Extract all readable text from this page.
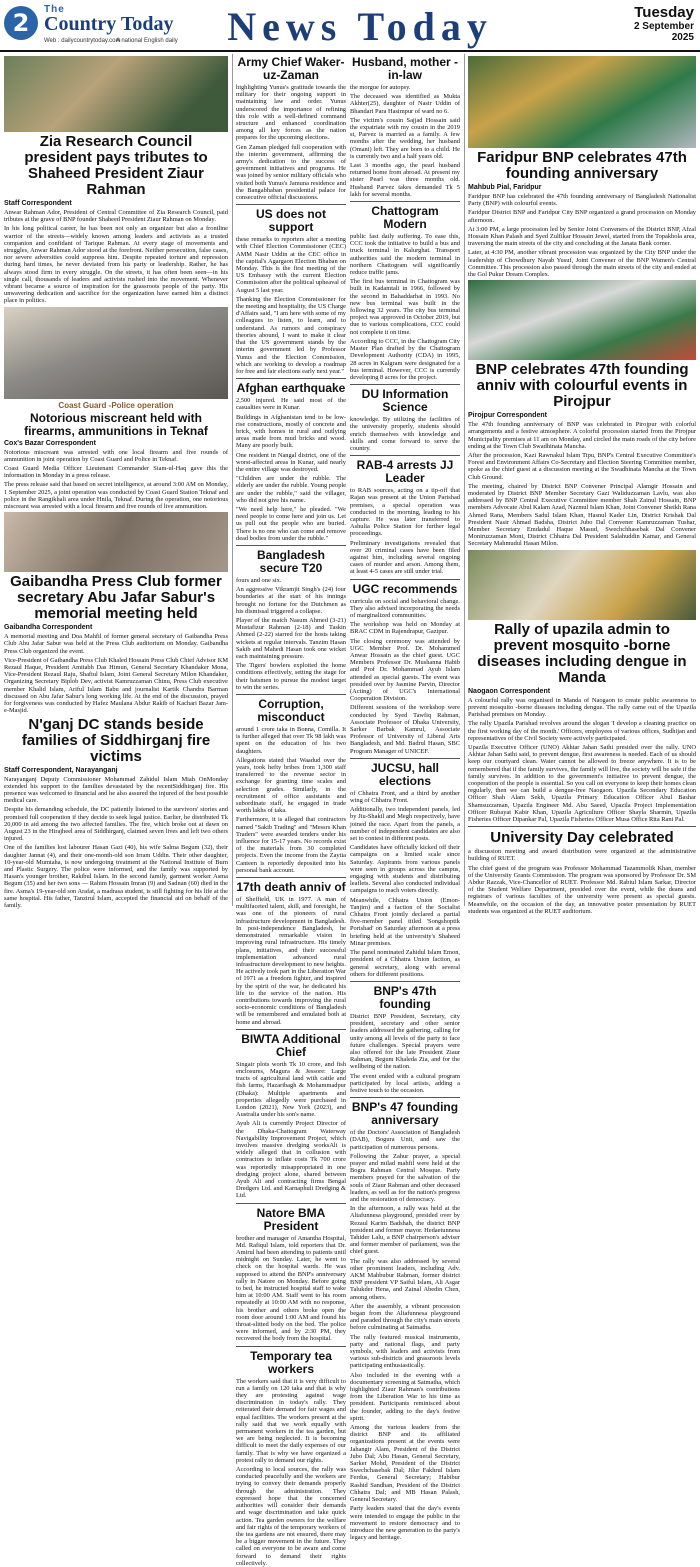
2	The
Country Today
Web : dailycountrytoday.com
A national English daily	News Today	Tuesday
2 September
2025
Zia Research Council president pays tributes to Shaheed President Ziaur Rahman
Staff Correspondent

Anwar Rahman Ador, President of Central Committee of Zia Research Council, paid tributes at the grave of BNP founder Shaheed President Ziaur Rahman on Monday.

In his long political career, he has been not only an organizer but also a frontline warrior of the streets—widely known among leaders and activists as a trusted companion and confidant of Tarique Rahman. At every stage of movements and struggles, Anwar Rahman Ador stood at the forefront. Neither persecution, false cases, nor severe adversities could suppress him. Despite repeated torture and repression during hard times, he never deviated from his party or leadership. Rather, he has always stood firm in every struggle. On the streets, it has often been seen—in his single call, thousands of leaders and activists rushed into the movement. Whenever vibrant became a source of inspiration for the grassroots people of the party. His unwavering dedication and sacrifice for the organization have earned him a distinct place in politics.

Coast Guard -Police operation
Notorious miscreant held with firearms, ammunitions in Teknaf
Cox's Bazar Correspondent

Notorious miscreant was arrested with one local firearm and five rounds of ammunition in joint operation by Coast Guard and Police in Teknaf.

Coast Guard Media Officer Lieutenant Commander Siam-ul-Haq gave this the information in Monday in a press release.

The press release said that based on secret intelligence, at around 3:00 AM on Monday, 1 September 2025, a joint operation was conducted by Coast Guard Station Teknaf and police in the Rangikhali area under Hnila, Teknaf. During the operation, one notorious miscreant was arrested with a local firearm and five rounds of live ammunition.

Gaibandha Press Club former secretary Abu Jafar Sabur's memorial meeting held
Gaibandha Correspondent

A memorial meeting and Doa Mahfil of former general secretary of Gaibandha Press Club Abu Jafar Sabur was held at the Press Club auditorium on Monday. Gaibandha Press Club organized the event.

Vice-President of Gaibandha Press Club Khaled Hossain Press Club Chief Advisor KM Rezaul Haque, President Amitabh Das Himun, General Secretary Khandaker Mona, Vice-President Rezaul Raju, Shafiul Islam, Joint General Secretary Milon Khandaker, Organizing Secretary Biplob Dev, activist Kamruzzaman Chinu, Press Club executive member Khalid Islam, Ariful Islam Babu and journalist Kartik Chandra Barman discussed on Abu Jafar Sabur's long working life. At the end of the discussion, prayed for forgiveness was conducted by Hafez Maulana Abdur Rakib of Kachari Bazar Jam-e-Masjid.

N'ganj DC stands beside families of Siddhirganj fire victims
Staff Correspondent, Narayanganj

Narayanganj Deputy Commissioner Mohammad Zahidul Islam Miah OnMonday extended his support to the families devastated by the recentSiddhirganj fire. His presence was welcomed to financial and he also assured the injured of the best possible medical care.

Despite his demanding schedule, the DC patiently listened to the survivors' stories and promised full cooperation if they decide to seek legal justice. Earlier, he distributed Tk 20,000 in aid among the two affected families. The fire, which broke out at dawn on August 23 in the Hirajheel area of Siddhirganj, claimed seven lives and left two others injured.

One of the families lost labourer Hasan Gazi (40), his wife Salma Begum (32), their daughter Jannat (4), and their one-month-old son Irram Uddin. Their other daughter, 10-year-old Mumtaha, is now undergoing treatment at the National Institute of Burn and Plastic Surgery. The police were informed, and the family was supported by Hasan's younger brother, Rakibul Islam. In the second family, garment worker Asma Begum (35) and her two sons — Rahim Hossain Imran (9) and Sadnan (60) died in the fire. Asma's 19-year-old son Arafat, a madrasa student, is still fighting for his life at the same hospital. His father, Tanzirul Islam, accepted the financial aid on behalf of the family.

Army Chief Waker-uz-Zaman

highlighting Yunus's gratitude towards the military for their ongoing support in maintaining law and order. Yunus underscored the importance of refining this role with a well-defined command structure and enhanced coordination among all key forces as the nation prepares for the upcoming elections.

Gen Zaman pledged full cooperation with the interim government, affirming the army's dedication to the success of government initiatives and programs. He was joined by senior military officials who visited both Yunus's Jamuna residence and the Bangabhaban presidential palace for consecutive official discussions.

US does not support

these remarks to reporters after a meeting with Chief Election Commissioner (CEC) AMM Nasir Uddin at the CEC office in the capital's Agargaon Election Bhaban on Monday. This is the first meeting of the US Embassy with the current Election Commission after the political upheaval of August 5 last year.

Thanking the Election Commissioner for the meeting and hospitality, the US Charge d'Affairs said, "I am here with some of my colleagues to listen, to learn, and to understand. As rumors and conspiracy theories abound, I want to make it clear that the US government stands by the interim government led by Professor Yunus and the Election Commission, which are working to develop a roadmap for free and fair elections early next year."

Afghan earthquake

2,500 injured. He said most of the casualties were in Kunar.

Buildings in Afghanistan tend to be low-rise constructions, mostly of concrete and brick, with homes in rural and outlying areas made from mud bricks and wood. Many are poorly built.

One resident in Nangal district, one of the worst-affected areas in Kunar, said nearly the entire village was destroyed.

"Children are under the rubble. The elderly are under the rubble. Young people are under the rubble," said the villager, who did not give his name.

"We need help here," he pleaded. "We need people to come here and join us. Let us pull out the people who are buried. There is no one who can come and remove dead bodies from under the rubble."

Bangladesh secure T20

fours and one six.

An aggressive Vikramjit Singh's (24) four boundaries at the start of his innings brought no fortune for the Dutchmen as his dismissal triggered a collapse.

Player of the match Nasum Ahmed (3-21) Mustafizur Rahman (2-18) and Taskin Ahmed (2-22) starred for the hosts taking wickets at regular intervals. Tanzim Hasan Sakib and Mahedi Hasan took one wicket each maintaining pressure.

The Tigers' bowlers exploited the home conditions effectively, setting the stage for their batsmen to pursue the modest target to win the series.

Corruption, misconduct

around 1 crore taka in Bonna, Comilla. It is further alleged that over Tk 98 lakh was spent on the education of his two daughters.

Allegations stated that Waadud over the years, took hefty bribes from 1,300 staff transferred to the revenue sector in exchange for granting time scales and selection grades. Similarly, in the recruitment of office assistants and subordinate staff, he engaged in trade worth lakhs of taka.

Furthermore, it is alleged that contractors named "Sakib Trading" and "Messrs Khan Traders" were awarded tenders under his influence for 15-17 years. No records exist of the materials from 30 completed projects. Even the income from the Zaytia Canteen is reportedly deposited into his personal bank account.

17th death anniv of

of Sheffield, UK in 1977. A man of multifaceted talent, skill, and foresight, he was one of the pioneers of rural infrastructure development in Bangladesh. In post-independence Bangladesh, he demonstrated remarkable vision in improving rural infrastructure. His timely plans, initiatives, and their successful implementation advanced rural infrastructure development to new heights. He actively took part in the Liberation War of 1971 as a freedom fighter, and inspired by the spirit of the war, he dedicated his life to the service of the nation. His contributions towards improving the rural socio-economic conditions of Bangladesh will be remembered and emulated both at home and abroad.

BIWTA Additional Chief

Singair plots worth Tk 10 crore, and fish enclosures, Magura & Jessore: Large tracts of agricultural land with cattle and fish farms, Hazaribagh & Mohammadpur (Dhaka): Multiple apartments and properties allegedly were purchased in London (2021), New York (2023), and Australia under his son's name.

Ayub Ali is currently Project Director of the Dhaka-Chattogram Waterway Navigability Improvement Project, which involves massive dredging worksAli is widely alleged that in collusion with contractors to inflate costs Tk 700 crore was reportedly misappropriated in one dredging project alone, shared between Ayub Ali and contracting firms Bengal Dredgers Ltd. and Karnaphuli Dredging & Ltd.

Natore BMA President

brother and manager of Amantha Hospital, Md. Rafiqul Islam, told reporters that Dr. Amirul had been attending to patients until midnight on Sunday. Later, he went to check on the hospital wards. He was supposed to attend the BNP's anniversary rally in Natore on Monday. Before going to bed, he instructed hospital staff to wake him at 10:00 AM. Staff went to his room repeatedly at 10:00 AM with no response, his brother and others broke open the room door around 1:00 AM and found his throat-slitted body on the bed. The police were informed, and by 2:30 PM, they recovered the body from the hospital.

Temporary tea workers

The workers said that it is very difficult to run a family on 120 taka and that is why they are protesting against wage discrimination in today's rally. They reiterated their demand for fair wages and equal facilities. The workers present at the rally said that we work equally with permanent workers in the tea garden, but we are being neglected. It is becoming difficult to meet the daily expenses of our family. That is why we have organized a protest rally to demand our rights.

According to local sources, the rally was conducted peacefully and the workers are trying to convey their demands properly through the administration. They expressed hope that the concerned authorities will consider their demands and wage discrimination and take quick action. Tea garden owners for the welfare and fair rights of the temporary workers of the tea gardens are not ensured, there may be a bigger movement in the future. They called on everyone to be aware and come forward to demand their rights collectively.

Husband, mother -in-law

the morgue for autopsy.

The deceased was identified as Mukta Akhter(25), daughter of Nasir Uddin of Bhandari Para Hasimpur of ward no 6.

The victim's cousin Sajjad Hossain said the expatriate with my cousin in the 2019 st, Parvez is married as a family. A few months after the wedding, her husband (Omani) left. They are born to a child. He is currently two and a half years old.

Last 3 months ago, the pearl husband returned home from abroad. At present my sister Pearl was three months old. Husband Parvez takes demanded Tk 5 lakh for several months.

Chattogram Modern

public fast daily suffering. To ease this, CCC took the initiative to build a bus and truck terminal in Kalurghat. Transport authorities said the modern terminal in northern Chattogram will significantly reduce traffic jams.

The first bus terminal in Chattogram was built in Kadamtali in 1966, followed by the second in Bahaddarhat in 1993. No new bus terminal was built in the following 32 years. The city bus terminal project was approved in October 2019, but due to various complications, CCC could not complete it on time.

According to CCC, in the Chattogram City Master Plan drafted by the Chattogram Development Authority (CDA) in 1995, 28 acres in Kalgram were designated for a bus terminal. However, CCC is currently developing 8 acres for the project.

DU Information Science

knowledge. By utilizing the facilities of the university properly, students should enrich themselves with knowledge and skills and come forward to serve the country.

RAB-4 arrests JJ Leader

to RAB sources, acting on a tip-off that Rajan was present at the Union Parishad premises, a special operation was conducted in the morning, leading to his capture. He was later transferred to Ashulia Police Station for further legal proceedings.

Preliminary investigations revealed that over 20 criminal cases have been filed against him, including several ongoing cases of murder and arson. Among them, at least 4-5 cases are still under trial.

UGC recommends

curricula on social and behavioral change. They also advised incorporating the needs of marginalized communities.

The workshop was held on Monday at BRAC CDM in Rajendrapur, Gazipur.

The closing ceremony was attended by UGC Member Prof. Dr. Mohammed Anwar Hossain as the chief guest. UGC Members Professor Dr. Mushanna Habib and Prof Dr. Mohammad Ayub Islam attended as special guests. The event was presided over by Jasmine Parvin, Director (Acting) of UGC's International Cooperation Division.

Different sessions of the workshop were conducted by Syed Tawfiq Rahman, Associate Professor of Dhaka University, Sarker Barbak Kamrul, Associate Professor of University of Liberal Arts Bangladesh, and Md. Badrul Hasan, SBC Program Manager of UNICEF.

JUCSU, hall elections

of Chhatra Front, and a third by another wing of Chhatra Front.

Additionally, two independent panels, led by Jiu-Shakil and Megh respectively, have joined the race. Apart from the panels, a number of independent candidates are also set to contest in different posts.

Candidates have officially kicked off their campaigns on a limited scale since Saturday. Aspirants from various panels were seen in groups across the campus, engaging with students and distributing leaflets. Several also conducted individual campaigns to reach voters directly.

Meanwhile, Chhatra Union (Emon-Tanjim) and a faction of the Socialist Chhatra Front jointly declared a partial five-member panel titled 'Songshoptik Porishad' on Saturday afternoon at a press briefing held at the university's Shaheed Minar premises.

The panel nominated Zahidul Islam Emon, president of a Chhatra Union faction, as general secretary, along with several others for different positions.

BNP's 47th founding

District BNP President, Secretary, city president, secretary and other senior leaders addressed the gathering, calling for unity among all levels of the party to face future challenges. Special prayers were also offered for the late President Ziaur Rahman, Begum Khaleda Zia, and for the wellbeing of the nation.

The event ended with a cultural program participated by local artists, adding a festive touch to the occasion.

BNP's 47 founding anniversary

of the Doctors' Association of Bangladesh (DAB), Bogura Unit, and saw the participation of numerous persons.

Following the Zahur prayer, a special prayer and milad mahfil were held at the Bogra Rahman Central Mosque. Party members prayed for the salvation of the souls of Ziaur Rahman and other deceased leaders, as well as for the nation's progress and the restoration of democracy.

In the afternoon, a rally was held at the Altafunnesa playground, presided over by Rezaul Karim Badshah, the district BNP president and former mayor. Hedaetunnesa Tahider Lalu, a BNP chairperson's adviser and former member of parliament, was the chief guest.

The rally was also addressed by several other prominent leaders, including Adv. AKM Mahbubur Rahman, former district BNP president VP Saiful Islam, Ali Asgar Talukder Hena, and Zainal Abedin Chen, among others.

After the assembly, a vibrant procession began from the Altafunnesa playground and paraded through the city's main streets before culminating at Satmatha.

The rally featured musical instruments, party and national flags, and party symbols, with leaders and activists from various sub-districts and grassroots levels participating enthusiastically.

Also included in the evening with a documentary screening at Satmatha, which highlighted Ziaur Rahman's contributions from the Liberation War to his time as president. Participants reminisced about the founder, adding to the day's festive spirit.

Among the various leaders from the district BNP and its affiliated organizations present at the events were Jahangir Alam, President of the District Jubo Dal; Abu Hasan, General Secretary, Sarker Mohd, President of the District Swechchasebak Dal; Jilur Fakhrul Islam Ferdus, General Secretary; Habibur Rashid Sandhan, President of the District Chhatra Dal; and MB Hasan Palash, General Secretary.

Party leaders stated that the day's events were intended to engage the public in the movement to restore democracy and to introduce the new generation to the party's legacy and heritage.

Faridpur BNP celebrates 47th founding anniversary
Mahbub Pial, Faridpur

Faridpur BNP has celebrated the 47th founding anniversary of Bangladesh Nationalist Party (BNP) with colourful events.

Faridpur District BNP and Faridpur City BNP organized a grand procession on Monday afternoon.

At 3:00 PM, a large procession led by Senior Joint Conveners of the District BNP, Afzal Hossain Khan Palash and Syed Zulfikar Hossain Jewel, started from the Topakhola area, traversing the main streets of the city and concluding at the Janata Bank corner.

Later, at 4:30 PM, another vibrant procession was organized by the City BNP under the leadership of Chowdhury Nayab Yusuf, Joint Convener of the BNP Women's Central Committee. This procession also passed through the main streets of the city and ended at the Gol Pukur Dream Complex.

BNP celebrates 47th founding anniv with colourful events in Pirojpur
Pirojpur Correspondent

The 47th founding anniversary of BNP was celebrated in Pirojpur with colorful arrangements and a festive atmosphere. A colorful procession started from the Pirojpur Municipality premises at 11 am on Monday, and circled the main roads of the city before ending at the Town Club Swadhinata Mancha.

After the procession, Kazi Rawnakul Islam Tipu, BNP's Central Executive Committee's Forest and Environment Affairs Co-Secretary and Election Steering Committee member, spoke as the chief guest at a discussion meeting at the Swadhinata Mancha at the Town Club Ground.

The meeting, chaired by District BNP Convener Principal Alamgir Hossain and moderated by District BNP Member Secretary Gazi Waliduzzaman Lavlu, was also addressed by BNP Central Executive Committee member Shah Zainul Hossain, BNP members Advocate Abul Kalam Azad, Nazmul Islam Khan, Joint Convener Sheikh Rana Ahmed Rana, Members Sadul Islam Khan, Hasnul Kader Lin, District Krishak Dal President Nasir Ahmad Badsha, District Jubo Dal Convener Kamruzzaman Tushar, Member Secretary Emdadul Haque Masud, Swechchhasebak Dal Convener Moniruzzaman Moni, District Chhatra Dal President Salahuddin Kamar, and General Secretary Mahmudul Hasan Milon.

Rally of upazila admin to prevent mosquito -borne diseases including dengue in Manda
Naogaon Correspondent

A colourful rally was organised in Manda of Naogaon to create public awareness to prevent mosquito -borne diseases including dengue. The rally came out of the Upazila Parishad premises on Monday.

The rally Upazila Parishad revolves around the slogan 'I develop a cleaning practice on the first working day of the month.' Officers, employees of various offices, Sudhijan and representatives of the Civil Society were actively participated.

Upazila Executive Officer (UNO) Akhtar Jahan Sathi presided over the rally. UNO Akhtar Jahan Sathi said, to prevent dengue, first awareness is needed. Each of us should keep our courtyard clean. Water cannot be allowed to freeze anywhere. It is to be remembered that if the family survives, the family will live, the society will be safe if the family survives. In addition to the government's initiative to prevent dengue, the cooperation of the people is essential. So you call on everyone to keep their homes clean regularly, then we can build a dengue-free Naogaon. Upazila Secondary Education Officer Shah Alam Sekh, Upazila Primary Education Officer Abul Bashar Shamsuzzaman, Upazila Engineer Md. Abu Saeed, Upazila Project Implementation Officer Rubayat Kabir Khan, Upazila Agriculture Officer Shayla Sharmin, Upazila Fisheries Officer Dipankar Pal, Upazila Fisheries Officer Musa Office Rita Rani Pal.

University Day celebrated

a discussion meeting and award distribution were organized at the administrative building of RUET.

The chief guest of the program was Professor Mohammad Tazammolik Khan, member of the University Grants Commission. The program was sponsored by Professor Dr. SM Abdur Razzak, Vice-Chancellor of RUET. Professor Md. Rabiul Islam Sarkar, Director of the Student Welfare Department, presided over the event, while the deans and registrars of various faculties of the university were present as special guests. Meanwhile, on the occasion of the day, an innovative poster presentation by RUET students was organized at the RUET auditorium.
